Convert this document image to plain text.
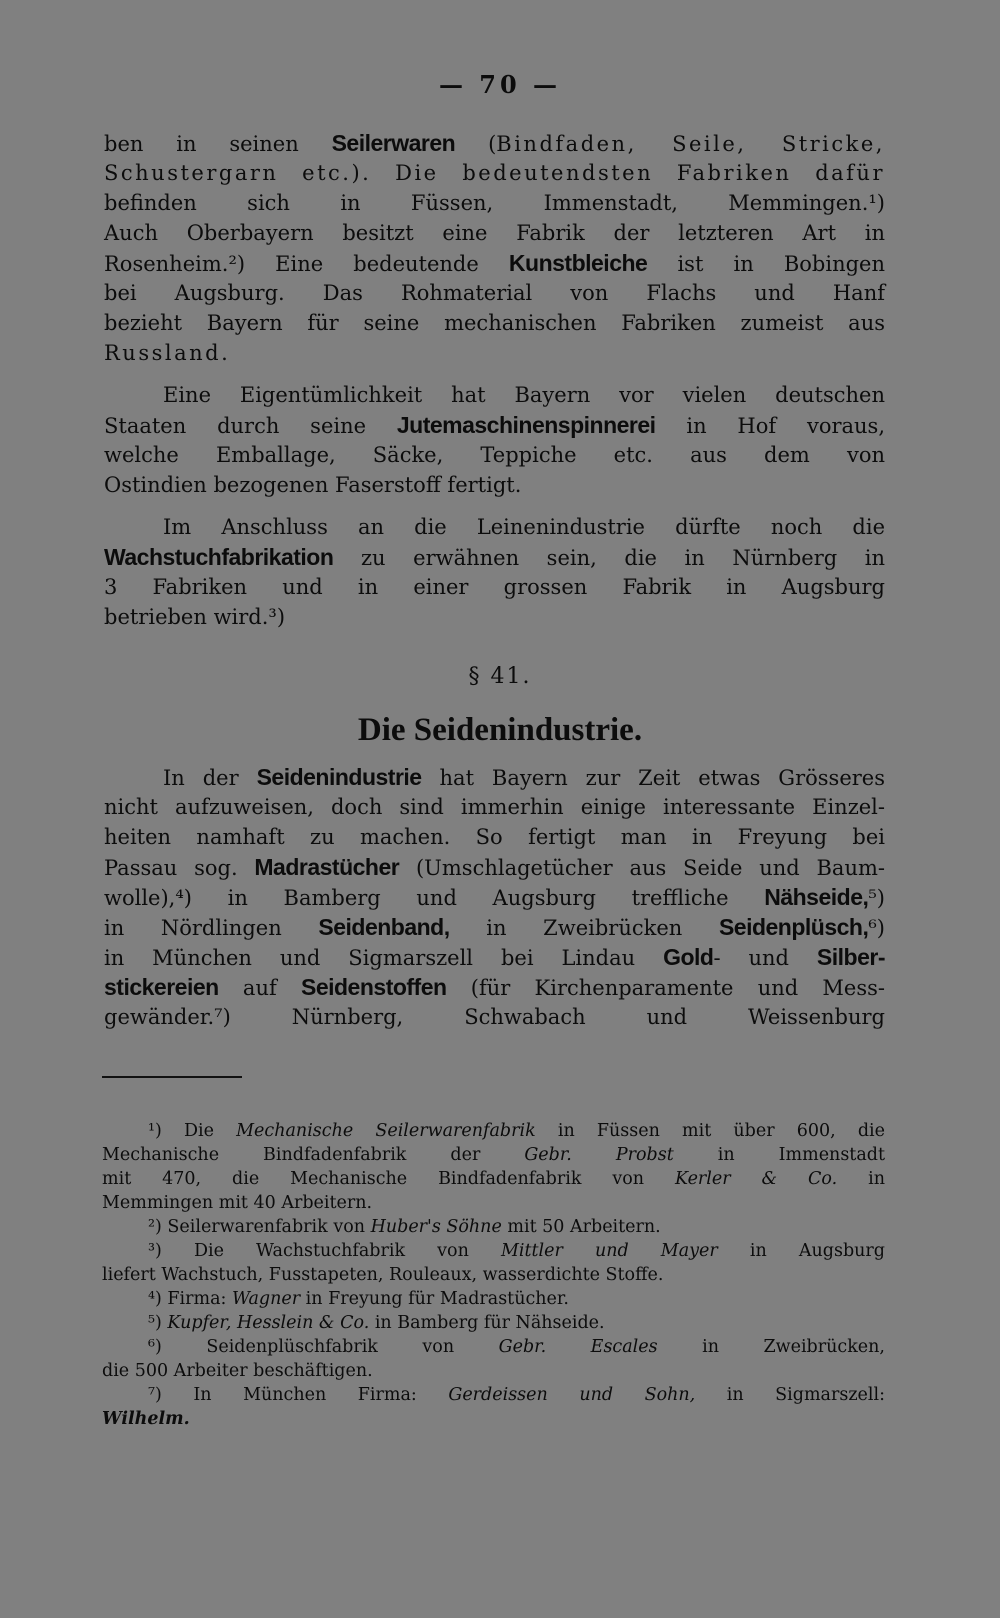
— 70 —
ben in seinen Seilerwaren (Bindfaden, Seile, Stricke,
Schustergarn etc.). Die bedeutendsten Fabriken dafür
befinden sich in Füssen, Immenstadt, Memmingen.¹)
Auch Oberbayern besitzt eine Fabrik der letzteren Art in
Rosenheim.²) Eine bedeutende Kunstbleiche ist in Bobingen
bei Augsburg. Das Rohmaterial von Flachs und Hanf
bezieht Bayern für seine mechanischen Fabriken zumeist aus
Russland.
Eine Eigentümlichkeit hat Bayern vor vielen deutschen
Staaten durch seine Jutemaschinenspinnerei in Hof voraus,
welche Emballage, Säcke, Teppiche etc. aus dem von
Ostindien bezogenen Faserstoff fertigt.
Im Anschluss an die Leinenindustrie dürfte noch die
Wachstuchfabrikation zu erwähnen sein, die in Nürnberg in
3 Fabriken und in einer grossen Fabrik in Augsburg
betrieben wird.³)
§ 41.
Die Seidenindustrie.
In der Seidenindustrie hat Bayern zur Zeit etwas Grösseres
nicht aufzuweisen, doch sind immerhin einige interessante Einzel-
heiten namhaft zu machen. So fertigt man in Freyung bei
Passau sog. Madrastücher (Umschlagetücher aus Seide und Baum-
wolle),⁴) in Bamberg und Augsburg treffliche Nähseide,⁵)
in Nördlingen Seidenband, in Zweibrücken Seidenplüsch,⁶)
in München und Sigmarszell bei Lindau Gold- und Silber-
stickereien auf Seidenstoffen (für Kirchenparamente und Mess-
gewänder.⁷) Nürnberg, Schwabach und Weissenburg
¹) Die Mechanische Seilerwarenfabrik in Füssen mit über 600, die
Mechanische Bindfadenfabrik der Gebr. Probst in Immenstadt
mit 470, die Mechanische Bindfadenfabrik von Kerler & Co. in
Memmingen mit 40 Arbeitern.
²) Seilerwarenfabrik von Huber's Söhne mit 50 Arbeitern.
³) Die Wachstuchfabrik von Mittler und Mayer in Augsburg
liefert Wachstuch, Fusstapeten, Rouleaux, wasserdichte Stoffe.
⁴) Firma: Wagner in Freyung für Madrastücher.
⁵) Kupfer, Hesslein & Co. in Bamberg für Nähseide.
⁶) Seidenplüschfabrik von Gebr. Escales in Zweibrücken,
die 500 Arbeiter beschäftigen.
⁷) In München Firma: Gerdeissen und Sohn, in Sigmarszell:
Wilhelm.
